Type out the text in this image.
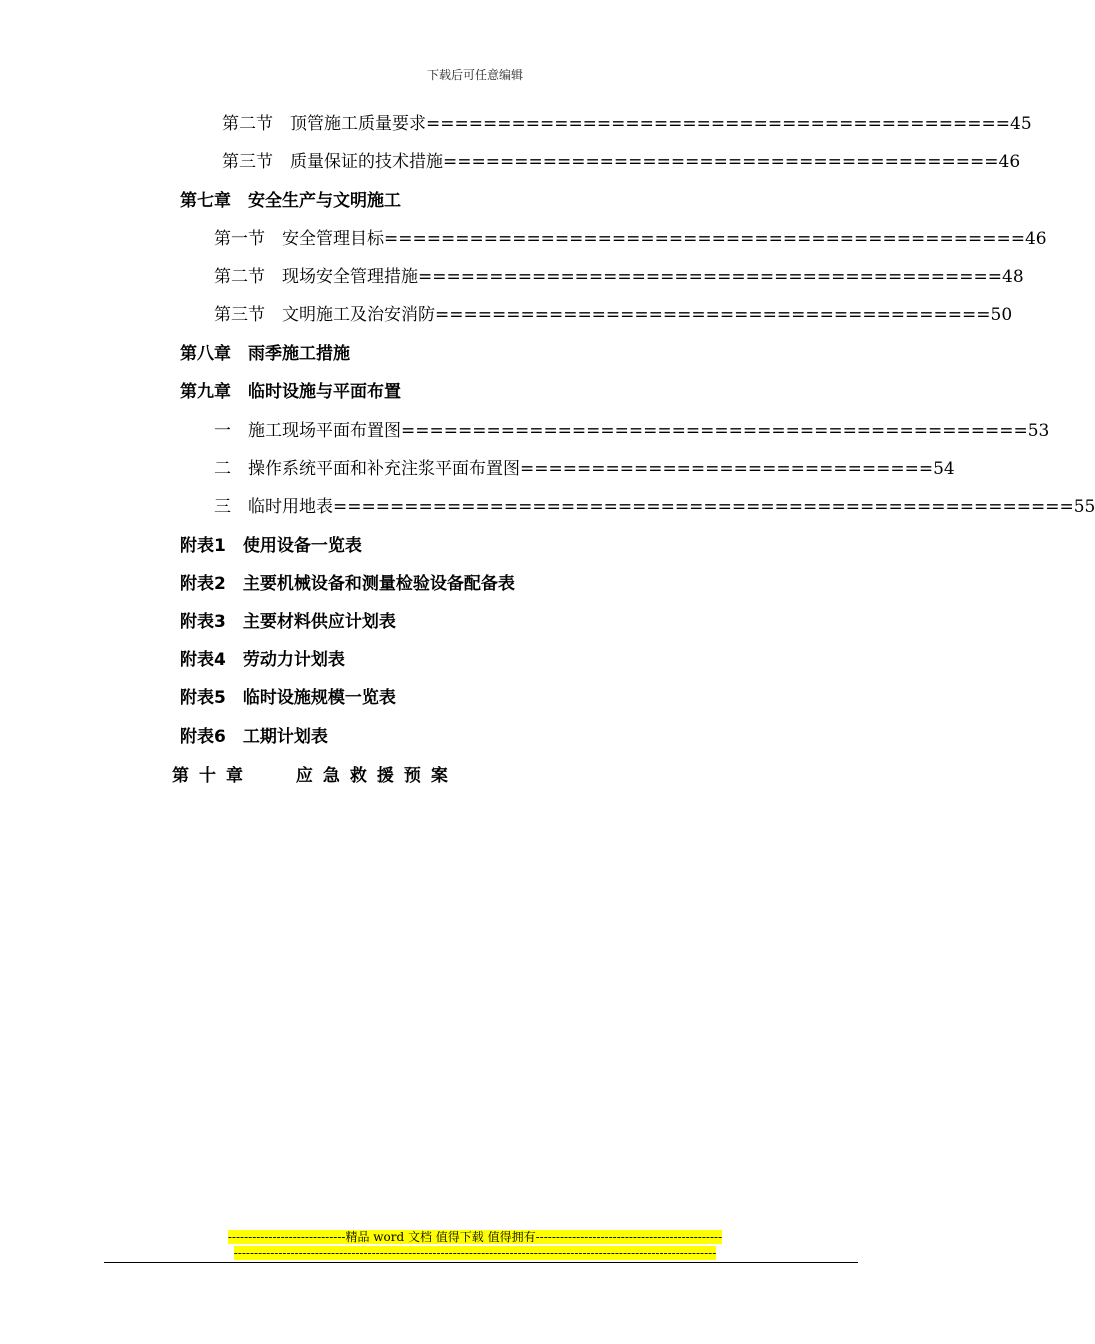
下载后可任意编辑
第二节　顶管施工质量要求=========================================45
第三节　质量保证的技术措施=======================================46
第七章　安全生产与文明施工
第一节　安全管理目标=============================================46
第二节　现场安全管理措施=========================================48
第三节　文明施工及治安消防=======================================50
第八章　雨季施工措施
第九章　临时设施与平面布置
一　施工现场平面布置图============================================53
二　操作系统平面和补充注浆平面布置图=============================54
三　临时用地表====================================================55
附表1　使用设备一览表
附表2　主要机械设备和测量检验设备配备表
附表3　主要材料供应计划表
附表4　劳动力计划表
附表5　临时设施规模一览表
附表6　工期计划表
第十章　 应急救援预案
-----------------------------精品 word 文档 值得下载 值得拥有----------------------------------------------
-----------------------------------------------------------------------------------------------------------------------
